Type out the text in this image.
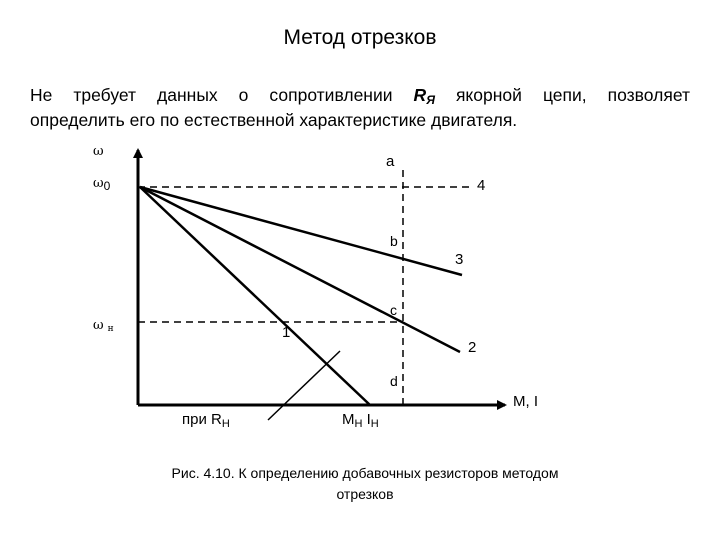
Метод отрезков
Не требует данных о сопротивлении $R_Я$ якорной цепи, позволяет
определить его по естественной характеристике двигателя.
ω
ω0
ω н
M, I
a
b
c
d
4
3
2
1
при $R_Н$	$M_Н$ $I_Н$
Рис. 4.10. К определению добавочных резисторов методом
отрезков
